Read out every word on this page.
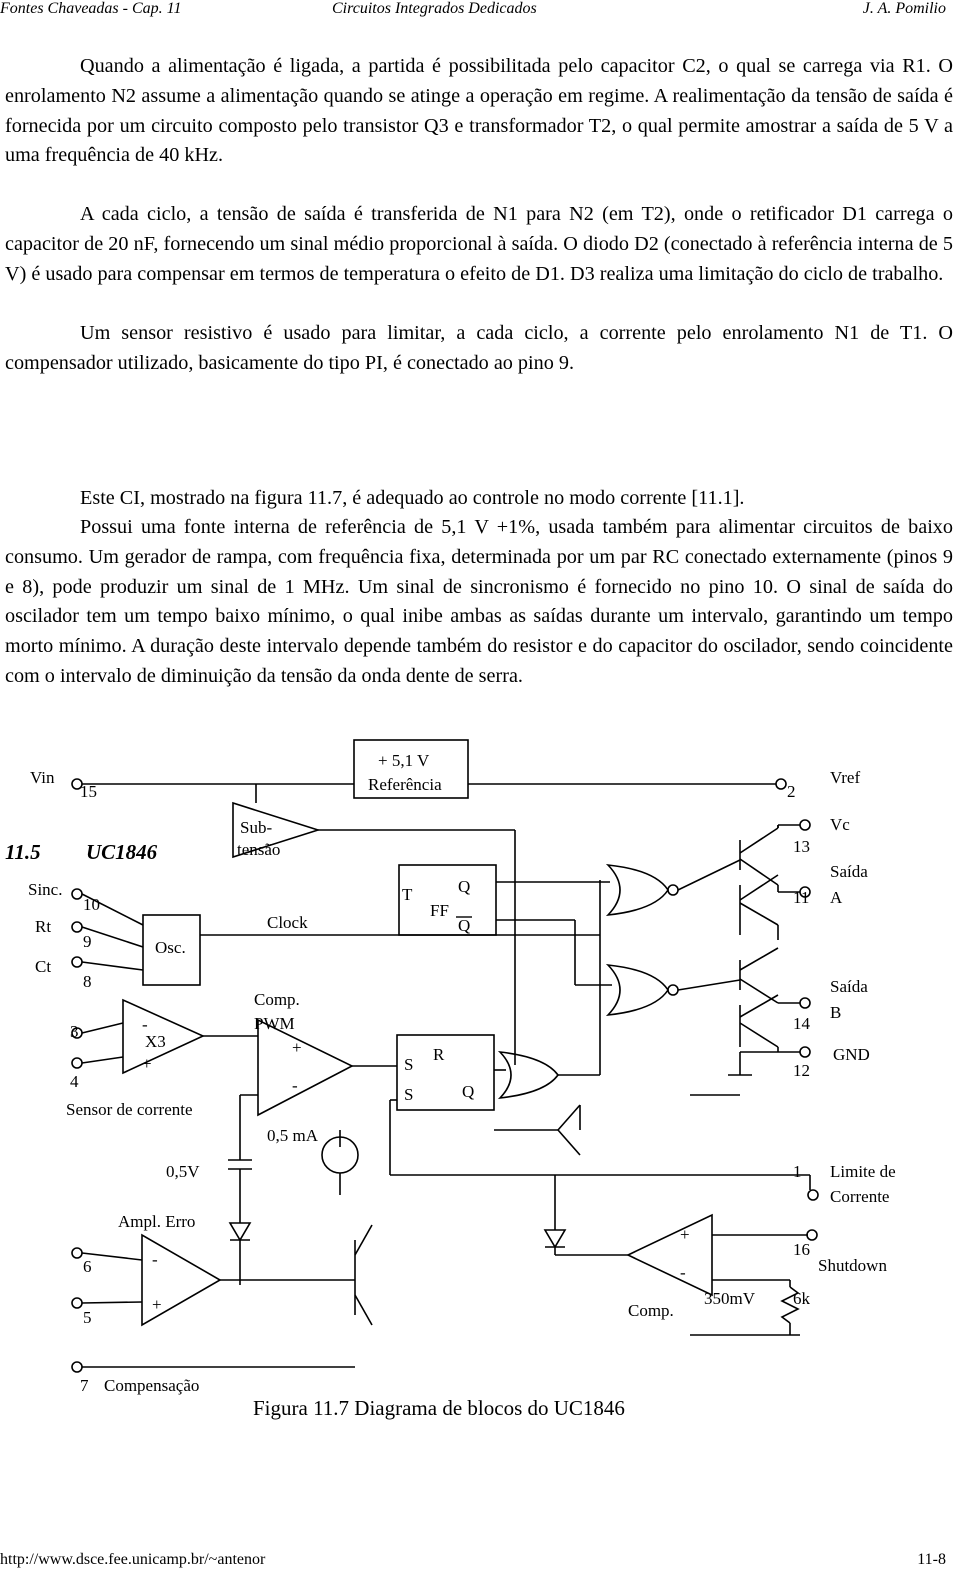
Fontes Chaveadas - Cap. 11	Circuitos Integrados Dedicados	J. A. Pomilio

Quando a alimentação é ligada, a partida é possibilitada pelo capacitor C2, o qual se carrega via R1. O enrolamento N2 assume a alimentação quando se atinge a operação em regime. A realimentação da tensão de saída é fornecida por um circuito composto pelo transistor Q3 e transformador T2, o qual permite amostrar a saída de 5 V a uma frequência de 40 kHz.

A cada ciclo, a tensão de saída é transferida de N1 para N2 (em T2), onde o retificador D1 carrega o capacitor de 20 nF, fornecendo um sinal médio proporcional à saída. O diodo D2 (conectado à referência interna de 5 V) é usado para compensar em termos de temperatura o efeito de D1. D3 realiza uma limitação do ciclo de trabalho.

Um sensor resistivo é usado para limitar, a cada ciclo, a corrente pelo enrolamento N1 de T1. O compensador utilizado, basicamente do tipo PI, é conectado ao pino 9.

11.5 UC1846

Este CI, mostrado na figura 11.7, é adequado ao controle no modo corrente [11.1].

Possui uma fonte interna de referência de 5,1 V +1%, usada também para alimentar circuitos de baixo consumo. Um gerador de rampa, com frequência fixa, determinada por um par RC conectado externamente (pinos 9 e 8), pode produzir um sinal de 1 MHz. Um sinal de sincronismo é fornecido no pino 10. O sinal de saída do oscilador tem um tempo baixo mínimo, o qual inibe ambas as saídas durante um intervalo, garantindo um tempo morto mínimo. A duração deste intervalo depende também do resistor e do capacitor do oscilador, sendo coincidente com o intervalo de diminuição da tensão da onda dente de serra.

Vin
15
+ 5,1 V
Referência	2
Vref
Sub-
tensão
Vc
13
Saída
A
11
Sinc.
10
Rt
9
Ct
8
Osc.
Clock
T	Q
FF
Q
Saída
B
14
GND
12
Comp.
PWM
+
-
3	-
X3
+
4
Sensor de corrente
S
R
S	Q
0,5 mA
0,5V	1 Limite de
Corrente
Ampl. Erro
-
+
6
5
+
-
16
Shutdown
350mV 6k
Comp.
7 Compensação
Figura 11.7 Diagrama de blocos do UC1846
http://www.dsce.fee.unicamp.br/~antenor	11-8
